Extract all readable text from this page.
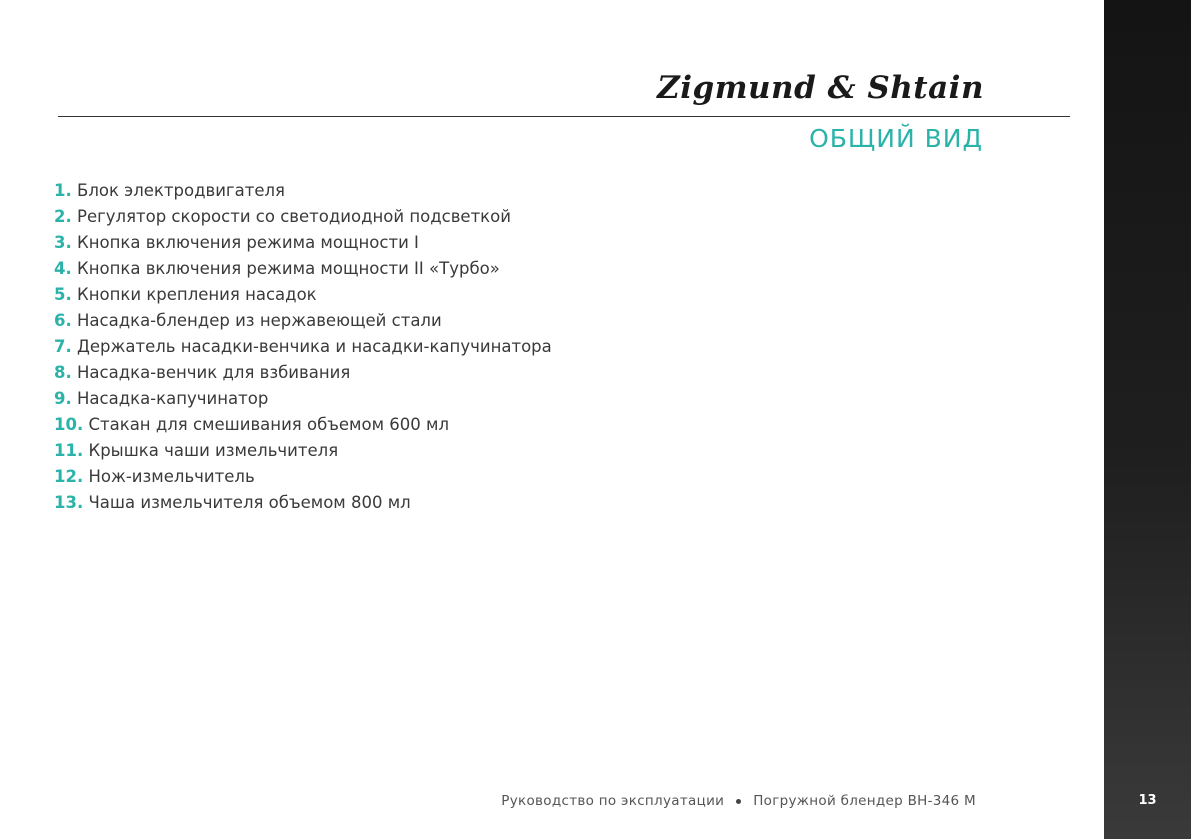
Zigmund & Shtain
ОБЩИЙ ВИД
1. Блок электродвигателя
2. Регулятор скорости со светодиодной подсветкой
3. Кнопка включения режима мощности I
4. Кнопка включения режима мощности II «Турбо»
5. Кнопки крепления насадок
6. Насадка-блендер из нержавеющей стали
7. Держатель насадки-венчика и насадки-капучинатора
8. Насадка-венчик для взбивания
9. Насадка-капучинатор
10. Стакан для смешивания объемом 600 мл
11. Крышка чаши измельчителя
12. Нож-измельчитель
13. Чаша измельчителя объемом 800 мл
Руководство по эксплуатации Погружной блендер BH-346 M	13
